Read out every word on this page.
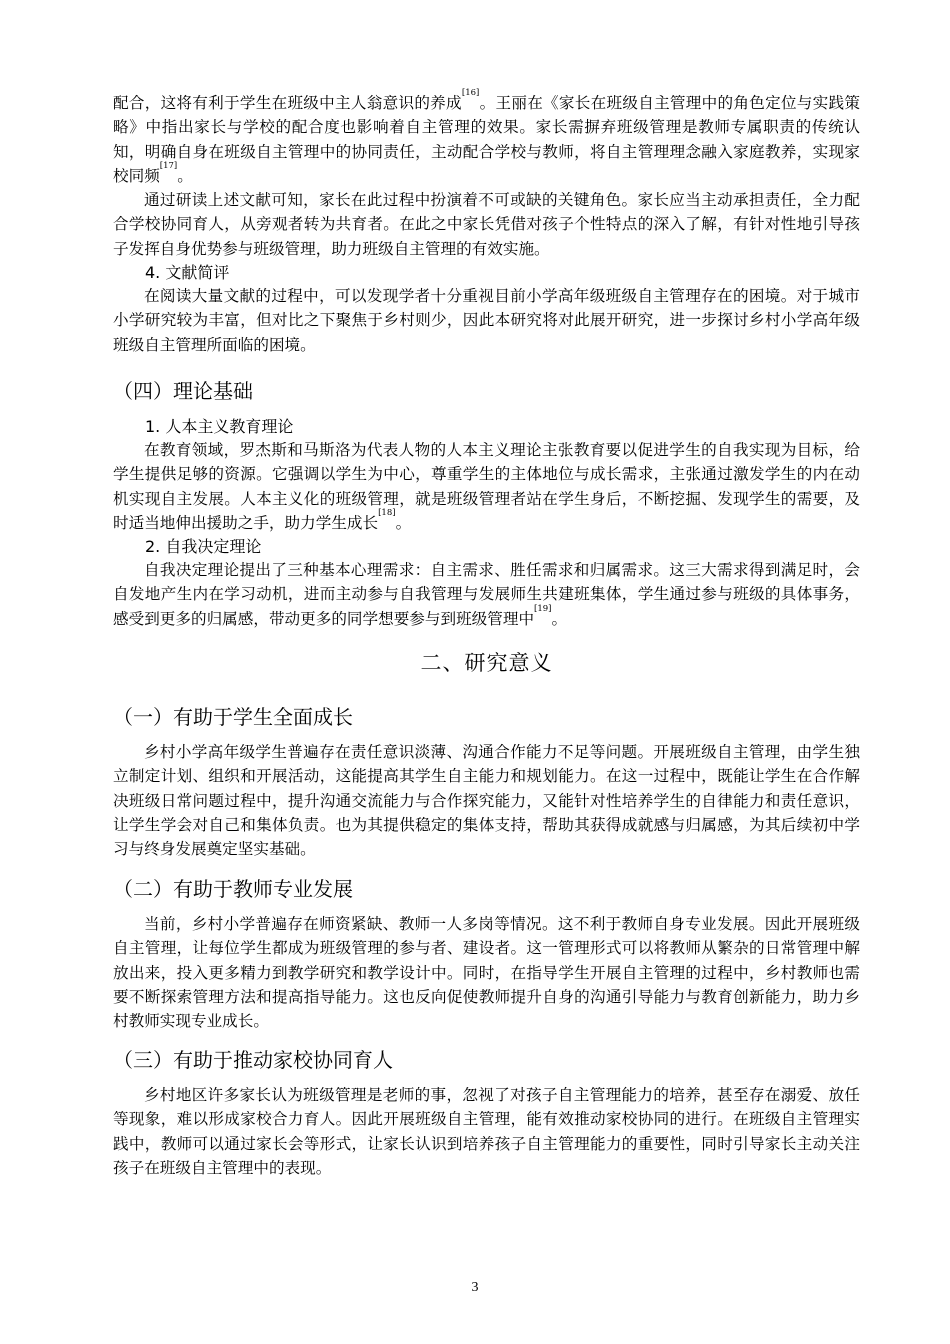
配合，这将有利于学生在班级中主人翁意识的养成[16]。王丽在《家长在班级自主管理中的角色定位与实践策略》中指出家长与学校的配合度也影响着自主管理的效果。家长需摒弃班级管理是教师专属职责的传统认知，明确自身在班级自主管理中的协同责任，主动配合学校与教师，将自主管理理念融入家庭教养，实现家校同频[17]。

通过研读上述文献可知，家长在此过程中扮演着不可或缺的关键角色。家长应当主动承担责任，全力配合学校协同育人，从旁观者转为共育者。在此之中家长凭借对孩子个性特点的深入了解，有针对性地引导孩子发挥自身优势参与班级管理，助力班级自主管理的有效实施。

4. 文献简评

在阅读大量文献的过程中，可以发现学者十分重视目前小学高年级班级自主管理存在的困境。对于城市小学研究较为丰富，但对比之下聚焦于乡村则少，因此本研究将对此展开研究，进一步探讨乡村小学高年级班级自主管理所面临的困境。

（四）理论基础

1. 人本主义教育理论

在教育领域，罗杰斯和马斯洛为代表人物的人本主义理论主张教育要以促进学生的自我实现为目标，给学生提供足够的资源。它强调以学生为中心，尊重学生的主体地位与成长需求，主张通过激发学生的内在动机实现自主发展。人本主义化的班级管理，就是班级管理者站在学生身后，不断挖掘、发现学生的需要，及时适当地伸出援助之手，助力学生成长[18]。

2. 自我决定理论

自我决定理论提出了三种基本心理需求：自主需求、胜任需求和归属需求。这三大需求得到满足时，会自发地产生内在学习动机，进而主动参与自我管理与发展师生共建班集体，学生通过参与班级的具体事务，感受到更多的归属感，带动更多的同学想要参与到班级管理中[19]。

二、研究意义

（一）有助于学生全面成长

乡村小学高年级学生普遍存在责任意识淡薄、沟通合作能力不足等问题。开展班级自主管理，由学生独立制定计划、组织和开展活动，这能提高其学生自主能力和规划能力。在这一过程中，既能让学生在合作解决班级日常问题过程中，提升沟通交流能力与合作探究能力，又能针对性培养学生的自律能力和责任意识，让学生学会对自己和集体负责。也为其提供稳定的集体支持，帮助其获得成就感与归属感，为其后续初中学习与终身发展奠定坚实基础。

（二）有助于教师专业发展

当前，乡村小学普遍存在师资紧缺、教师一人多岗等情况。这不利于教师自身专业发展。因此开展班级自主管理，让每位学生都成为班级管理的参与者、建设者。这一管理形式可以将教师从繁杂的日常管理中解放出来，投入更多精力到教学研究和教学设计中。同时，在指导学生开展自主管理的过程中，乡村教师也需要不断探索管理方法和提高指导能力。这也反向促使教师提升自身的沟通引导能力与教育创新能力，助力乡村教师实现专业成长。

（三）有助于推动家校协同育人

乡村地区许多家长认为班级管理是老师的事，忽视了对孩子自主管理能力的培养，甚至存在溺爱、放任等现象，难以形成家校合力育人。因此开展班级自主管理，能有效推动家校协同的进行。在班级自主管理实践中，教师可以通过家长会等形式，让家长认识到培养孩子自主管理能力的重要性，同时引导家长主动关注孩子在班级自主管理中的表现。

3
